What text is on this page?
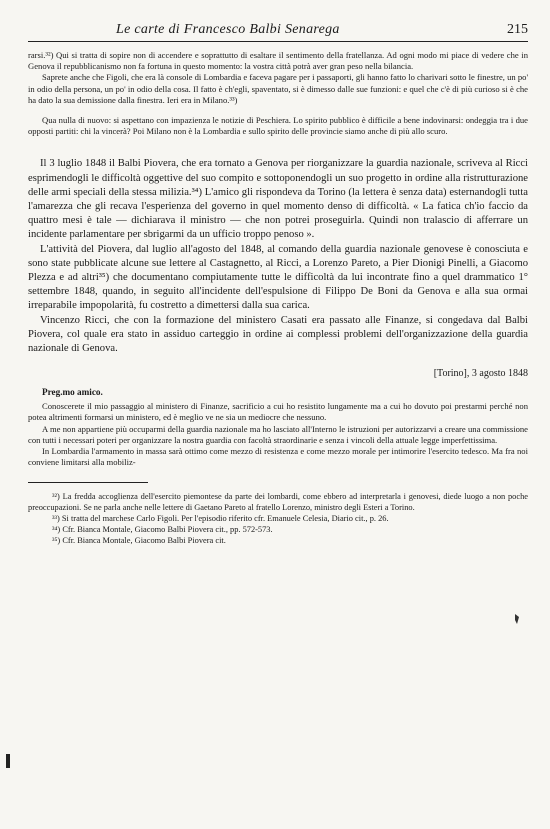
Le carte di Francesco Balbi Senarega	215

rarsi.³²) Qui si tratta di sopire non di accendere e soprattutto di esaltare il sentimento della fratellanza. Ad ogni modo mi piace di vedere che in Genova il repubblicanismo non fa fortuna in questo momento: la vostra città potrà aver gran peso nella bilancia.

Saprete anche che Figoli, che era là console di Lombardia e faceva pagare per i passaporti, gli hanno fatto lo charivari sotto le finestre, un po' in odio della persona, un po' in odio della cosa. Il fatto è ch'egli, spaventato, si è dimesso dalle sue funzioni: e quel che c'è di più curioso si è che ha dato la sua demissione dalla finestra. Ieri era in Milano.³³)

Qua nulla di nuovo: si aspettano con impazienza le notizie di Peschiera. Lo spirito pubblico è difficile a bene indovinarsi: ondeggia tra i due opposti partiti: chi la vincerà? Poi Milano non è la Lombardia e sullo spirito delle provincie siamo anche di più allo scuro.

Il 3 luglio 1848 il Balbi Piovera, che era tornato a Genova per riorganizzare la guardia nazionale, scriveva al Ricci esprimendogli le difficoltà oggettive del suo compito e sottoponendogli un suo progetto in ordine alla ristrutturazione delle armi speciali della stessa milizia.³⁴) L'amico gli rispondeva da Torino (la lettera è senza data) esternandogli tutta l'amarezza che gli recava l'esperienza del governo in quel momento denso di difficoltà. « La fatica ch'io faccio da quattro mesi è tale — dichiarava il ministro — che non potrei proseguirla. Quindi non tralascio di afferrare un incidente parlamentare per sbrigarmi da un ufficio troppo penoso ».

L'attività del Piovera, dal luglio all'agosto del 1848, al comando della guardia nazionale genovese è conosciuta e sono state pubblicate alcune sue lettere al Castagnetto, al Ricci, a Lorenzo Pareto, a Pier Dionigi Pinelli, a Giacomo Plezza e ad altri³⁵) che documentano compiutamente tutte le difficoltà da lui incontrate fino a quel drammatico 1° settembre 1848, quando, in seguito all'incidente dell'espulsione di Filippo De Boni da Genova e alla sua ormai irreparabile impopolarità, fu costretto a dimettersi dalla sua carica.

Vincenzo Ricci, che con la formazione del ministero Casati era passato alle Finanze, si congedava dal Balbi Piovera, col quale era stato in assiduo carteggio in ordine ai complessi problemi dell'organizzazione della guardia nazionale di Genova.

[Torino], 3 agosto 1848
Preg.mo amico.

Conoscerete il mio passaggio al ministero di Finanze, sacrificio a cui ho resistito lungamente ma a cui ho dovuto poi prestarmi perché non potea altrimenti formarsi un ministero, ed è meglio ve ne sia un mediocre che nessuno.

A me non appartiene più occuparmi della guardia nazionale ma ho lasciato all'Interno le istruzioni per autorizzarvi a creare una commissione con tutti i necessari poteri per organizzare la nostra guardia con facoltà straordinarie e senza i vincoli della attuale legge imperfettissima.

In Lombardia l'armamento in massa sarà ottimo come mezzo di resistenza e come mezzo morale per intimorire l'esercito tedesco. Ma fra noi conviene limitarsi alla mobiliz-

³²) La fredda accoglienza dell'esercito piemontese da parte dei lombardi, come ebbero ad interpretarla i genovesi, diede luogo a non poche preoccupazioni. Se ne parla anche nelle lettere di Gaetano Pareto al fratello Lorenzo, ministro degli Esteri a Torino.

³³) Si tratta del marchese Carlo Figoli. Per l'episodio riferito cfr. Emanuele Celesia, Diario cit., p. 26.

³⁴) Cfr. Bianca Montale, Giacomo Balbi Piovera cit., pp. 572-573.

³⁵) Cfr. Bianca Montale, Giacomo Balbi Piovera cit.
